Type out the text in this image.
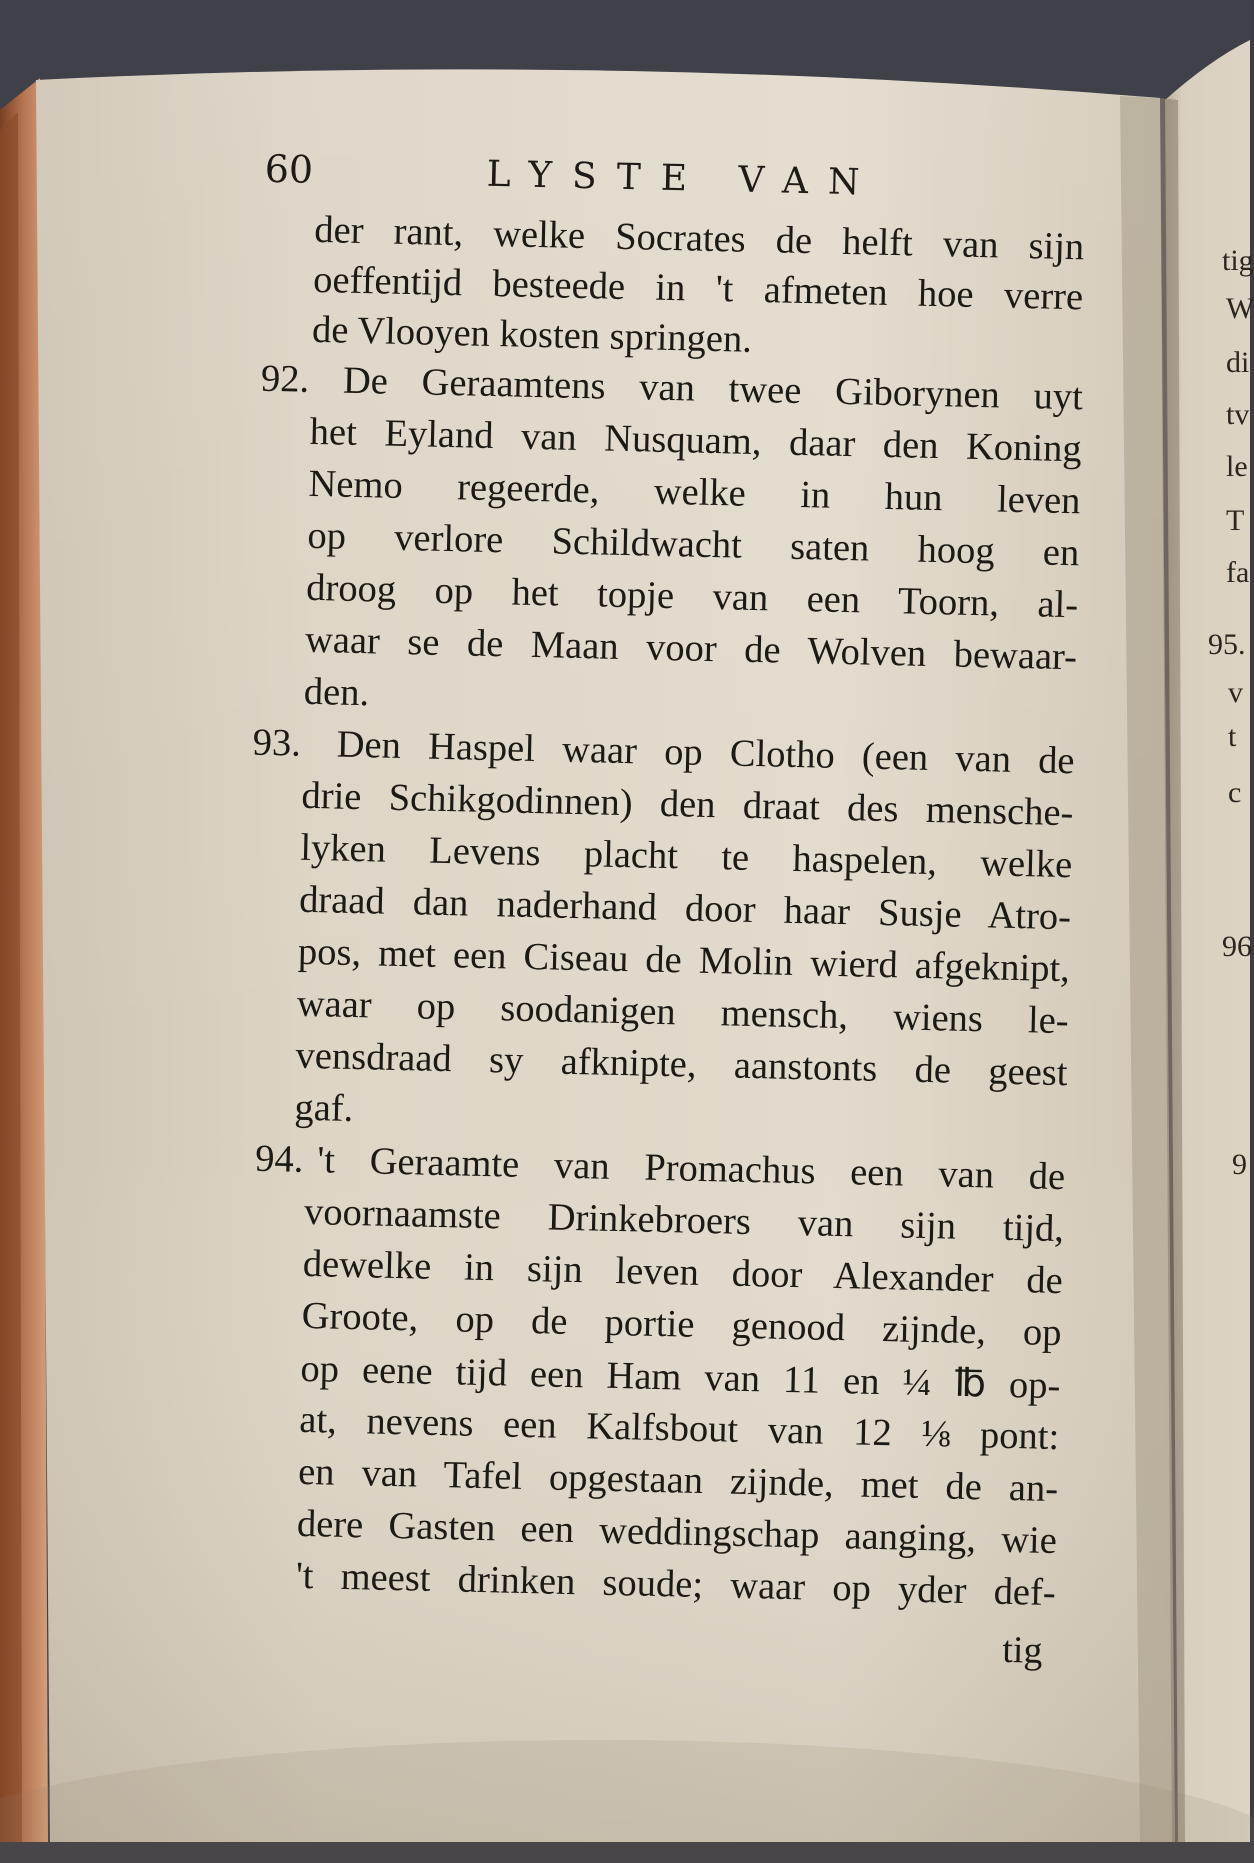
60	LYSTE VAN
der rant, welke Socrates de helft van sijn
oeffentijd besteede in 't afmeten hoe verre
de Vlooyen kosten springen.
92. De Geraamtens van twee Giborynen uyt
het Eyland van Nusquam, daar den Koning
Nemo regeerde, welke in hun leven
op verlore Schildwacht saten hoog en
droog op het topje van een Toorn, al-
waar se de Maan voor de Wolven bewaar-
den.
93. Den Haspel waar op Clotho (een van de
drie Schikgodinnen) den draat des mensche-
lyken Levens placht te haspelen, welke
draad dan naderhand door haar Susje Atro-
pos, met een Ciseau de Molin wierd afgeknipt,
waar op soodanigen mensch, wiens le-
vensdraad sy afknipte, aanstonts de geest
gaf.
94. 't Geraamte van Promachus een van de
voornaamste Drinkebroers van sijn tijd,
dewelke in sijn leven door Alexander de
Groote, op de portie genood zijnde, op
op eene tijd een Ham van 11 en ¼ ℔ op-
at, nevens een Kalfsbout van 12 ⅛ pont:
en van Tafel opgestaan zijnde, met de an-
dere Gasten een weddingschap aanging, wie
't meest drinken soude; waar op yder def-
tig
tig
W
di
tv
le
T
fa
95.
v
t
c
96
9
